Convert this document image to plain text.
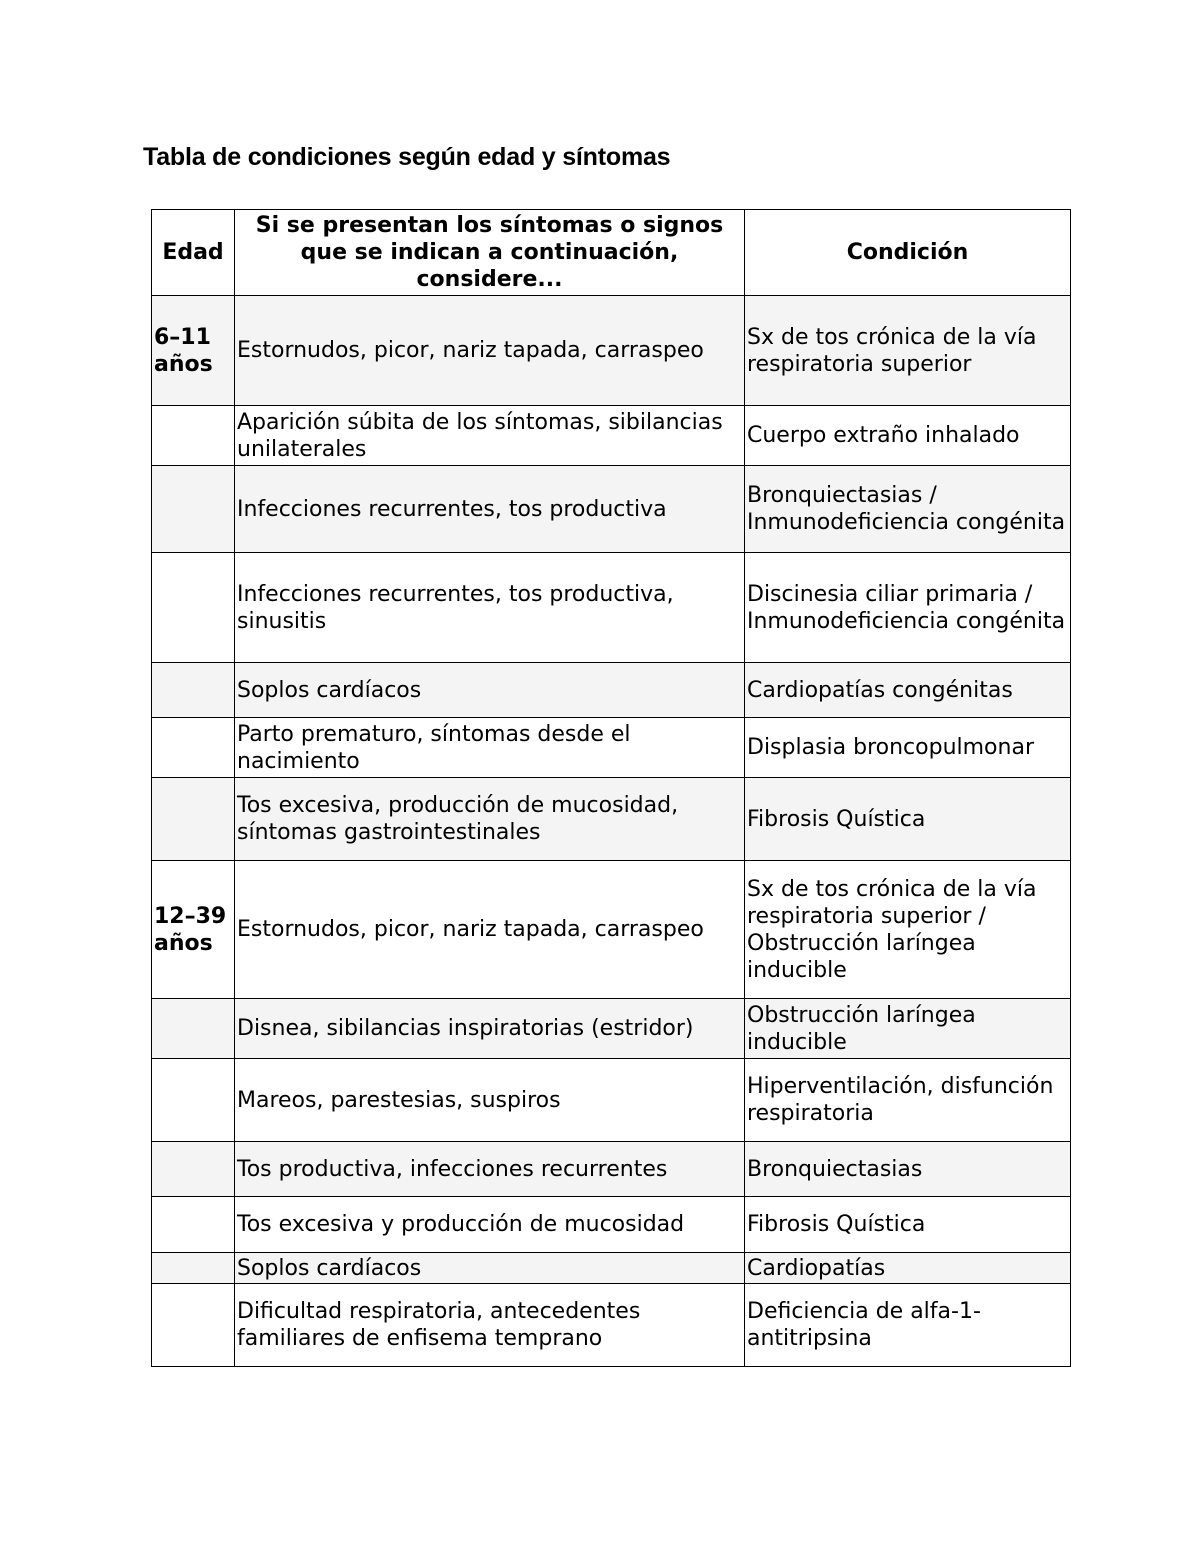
Tabla de condiciones según edad y síntomas
Edad	Si se presentan los síntomas o signos que se indican a continuación, considere...	Condición
6–11 años	Estornudos, picor, nariz tapada, carraspeo	Sx de tos crónica de la vía respiratoria superior
	Aparición súbita de los síntomas, sibilancias unilaterales	Cuerpo extraño inhalado
	Infecciones recurrentes, tos productiva	Bronquiectasias / Inmunodeficiencia congénita
	Infecciones recurrentes, tos productiva, sinusitis	Discinesia ciliar primaria / Inmunodeficiencia congénita
	Soplos cardíacos	Cardiopatías congénitas
	Parto prematuro, síntomas desde el nacimiento	Displasia broncopulmonar
	Tos excesiva, producción de mucosidad, síntomas gastrointestinales	Fibrosis Quística
12–39 años	Estornudos, picor, nariz tapada, carraspeo	Sx de tos crónica de la vía respiratoria superior / Obstrucción laríngea inducible
	Disnea, sibilancias inspiratorias (estridor)	Obstrucción laríngea inducible
	Mareos, parestesias, suspiros	Hiperventilación, disfunción respiratoria
	Tos productiva, infecciones recurrentes	Bronquiectasias
	Tos excesiva y producción de mucosidad	Fibrosis Quística
	Soplos cardíacos	Cardiopatías
	Dificultad respiratoria, antecedentes familiares de enfisema temprano	Deficiencia de alfa-1-antitripsina
